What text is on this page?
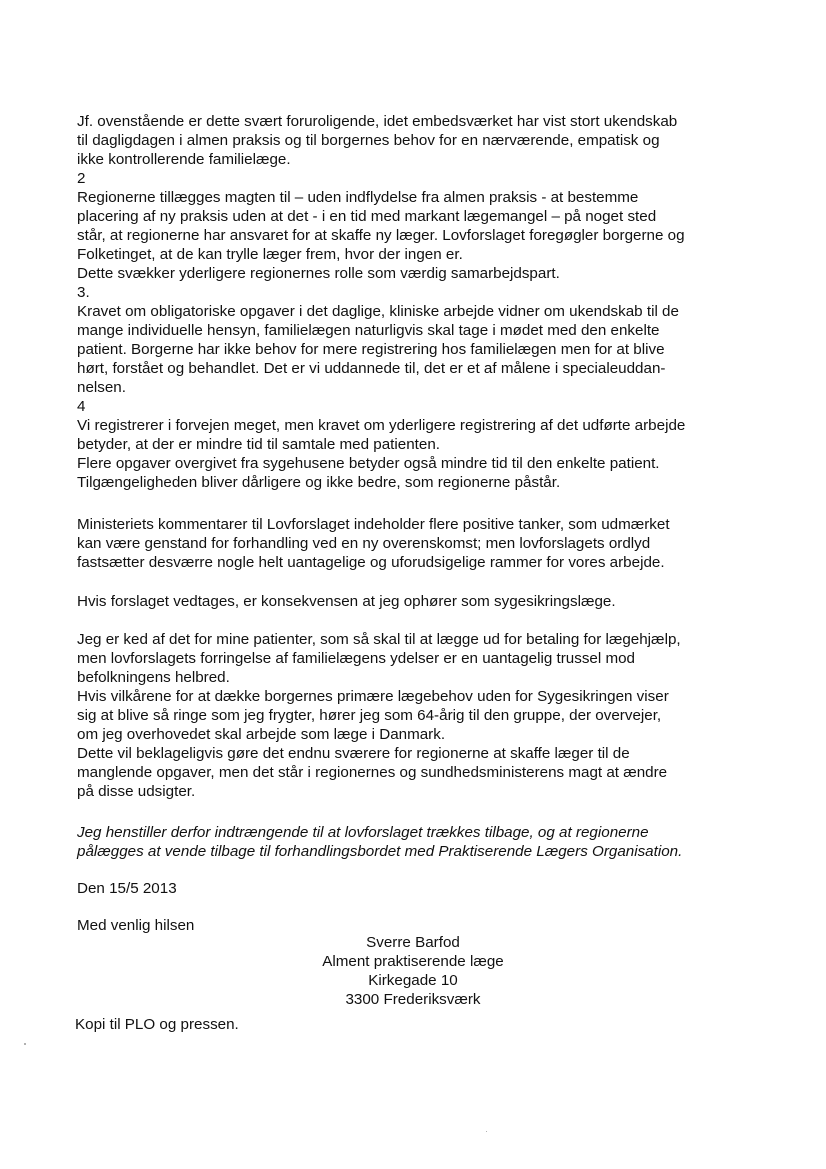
Jf. ovenstående er dette svært foruroligende, idet embedsværket har vist stort ukendskab
til dagligdagen i almen praksis og til borgernes behov for en nærværende, empatisk og
ikke kontrollerende familielæge.
2
Regionerne tillægges magten til – uden indflydelse fra almen praksis - at bestemme
placering af ny praksis uden at det - i en tid med markant lægemangel – på noget sted
står, at regionerne har ansvaret for at skaffe ny læger. Lovforslaget foregøgler borgerne og
Folketinget, at de kan trylle læger frem, hvor der ingen er.
Dette svækker yderligere regionernes rolle som værdig samarbejdspart.
3.
Kravet om obligatoriske opgaver i det daglige, kliniske arbejde vidner om ukendskab til de
mange individuelle hensyn, familielægen naturligvis skal tage i mødet med den enkelte
patient. Borgerne har ikke behov for mere registrering hos familielægen men for at blive
hørt, forstået og behandlet. Det er vi uddannede til, det er et af målene i specialeuddan-
nelsen.
4
Vi registrerer i forvejen meget, men kravet om yderligere registrering af det udførte arbejde
betyder, at der er mindre tid til samtale med patienten.
Flere opgaver overgivet fra sygehusene betyder også mindre tid til den enkelte patient.
Tilgængeligheden bliver dårligere og ikke bedre, som regionerne påstår.
Ministeriets kommentarer til Lovforslaget indeholder flere positive tanker, som udmærket
kan være genstand for forhandling ved en ny overenskomst; men lovforslagets ordlyd
fastsætter desværre nogle helt uantagelige og uforudsigelige rammer for vores arbejde.
Hvis forslaget vedtages, er konsekvensen at jeg ophører som sygesikringslæge.
Jeg er ked af det for mine patienter, som så skal til at lægge ud for betaling for lægehjælp,
men lovforslagets forringelse af familielægens ydelser er en uantagelig trussel mod
befolkningens helbred.
Hvis vilkårene for at dække borgernes primære lægebehov uden for Sygesikringen viser
sig at blive så ringe som jeg frygter, hører jeg som 64-årig til den gruppe, der overvejer,
om jeg overhovedet skal arbejde som læge i Danmark.
Dette vil beklageligvis gøre det endnu sværere for regionerne at skaffe læger til de
manglende opgaver, men det står i regionernes og sundhedsministerens magt at ændre
på disse udsigter.
Jeg henstiller derfor indtrængende til at lovforslaget trækkes tilbage, og at regionerne
pålægges at vende tilbage til forhandlingsbordet med Praktiserende Lægers Organisation.
Den 15/5 2013
Med venlig hilsen
Sverre Barfod
Alment praktiserende læge
Kirkegade 10
3300 Frederiksværk
Kopi til PLO og pressen.
